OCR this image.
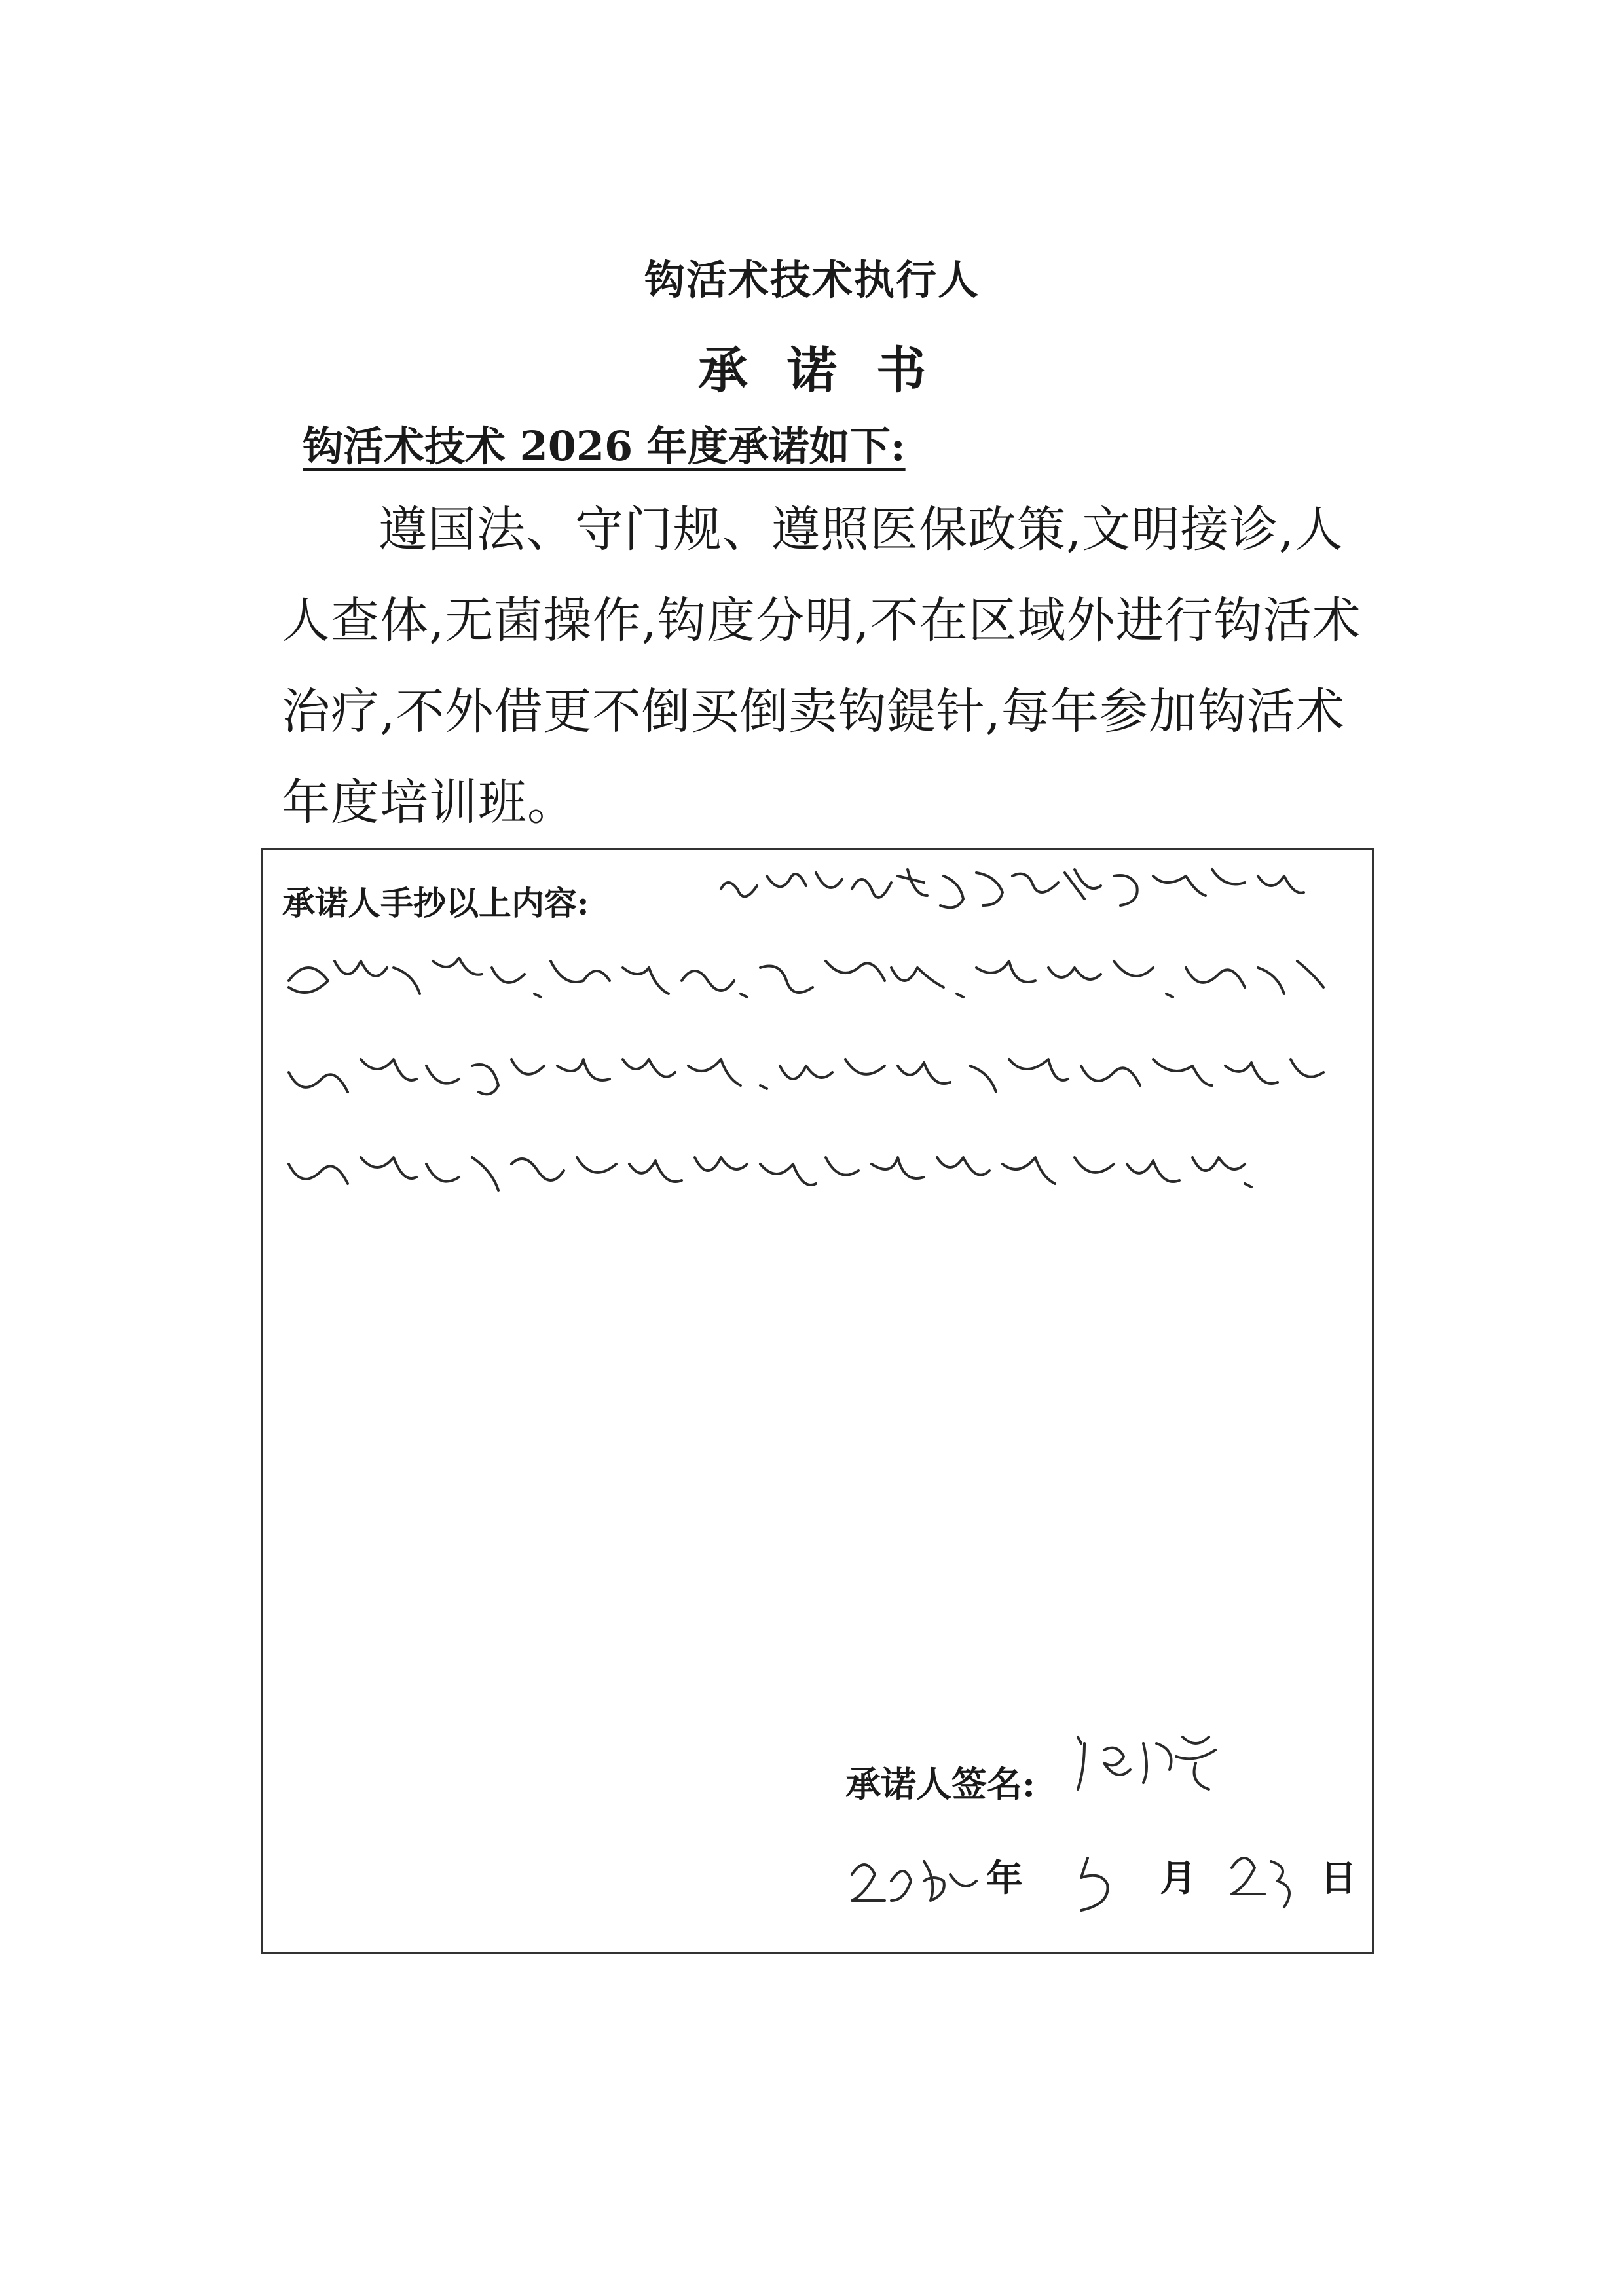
钩活术技术执行人
承诺书
钩活术技术 2026 年度承诺如下:
遵国法、守门规、遵照医保政策,文明接诊,人人查体,无菌操作,钩度分明,不在区域外进行钩活术治疗,不外借更不倒买倒卖钩鍉针,每年参加钩活术年度培训班。
承诺人手抄以上内容:
承诺人签名:
年	月	日
